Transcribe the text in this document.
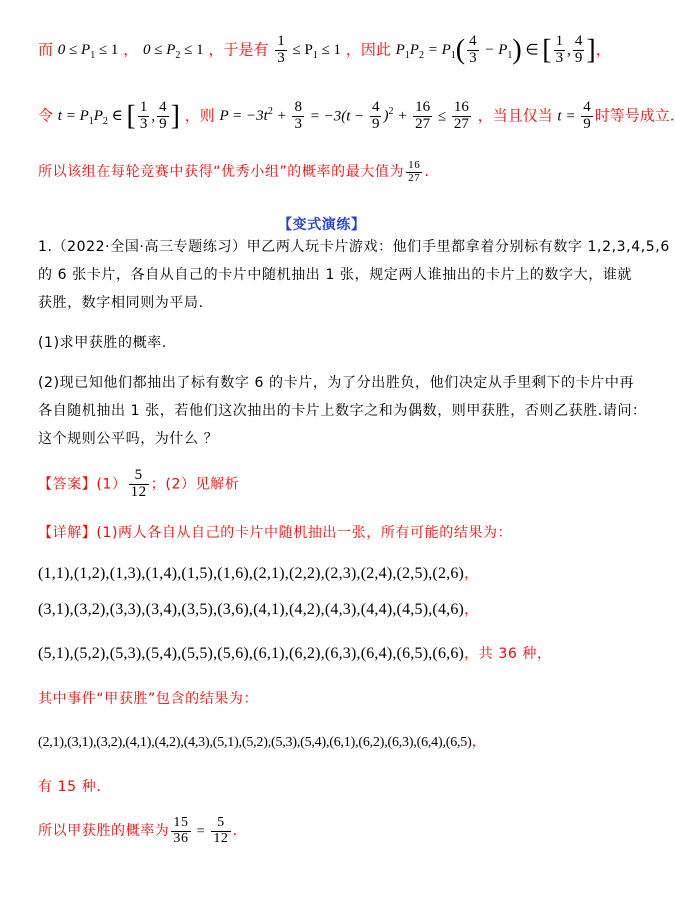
而 $0 \le P_1 \le 1$ ， $0 \le P_2 \le 1$ ，于是有 $\frac{1}{3} \le P_1 \le 1$ ，因此 $P_1P_2 = P_1( \frac{4}{3} - P_1)$ ∈ [ $\frac{1}{3}$ , $\frac{4}{9}$ ]，
令 $t = P_1P_2$ ∈ [ $\frac{1}{3}$ , $\frac{4}{9}$ ] ，则 $P = -3t^2 + \frac{8}{3} = -3(t - \frac{4}{9} )^2 + \frac{16}{27} \le \frac{16}{27}$ ，当且仅当 $t = \frac{4}{9}$ 时等号成立.
所以该组在每轮竞赛中获得“优秀小组”的概率的最大值为 $\frac{16}{27}$ .
【变式演练】
1.（2022·全国·高三专题练习）甲乙两人玩卡片游戏：他们手里都拿着分别标有数字 1,2,3,4,5,6
的 6 张卡片，各自从自己的卡片中随机抽出 1 张，规定两人谁抽出的卡片上的数字大，谁就
获胜，数字相同则为平局.
(1)求甲获胜的概率.
(2)现已知他们都抽出了标有数字 6 的卡片，为了分出胜负，他们决定从手里剩下的卡片中再
各自随机抽出 1 张，若他们这次抽出的卡片上数字之和为偶数，则甲获胜，否则乙获胜.请问：
这个规则公平吗，为什么 ？
【答案】$(1) \frac{5}{12}$ ；(2）见解析
【详解】(1)两人各自从自己的卡片中随机抽出一张，所有可能的结果为：
(1,1),(1,2),(1,3),(1,4),(1,5),(1,6),(2,1),(2,2),(2,3),(2,4),(2,5),(2,6)，
(3,1),(3,2),(3,3),(3,4),(3,5),(3,6),(4,1),(4,2),(4,3),(4,4),(4,5),(4,6)，
(5,1),(5,2),(5,3),(5,4),(5,5),(5,6),(6,1),(6,2),(6,3),(6,4),(6,5),(6,6)，共 36 种，
其中事件“甲获胜”包含的结果为：
(2,1),(3,1),(3,2),(4,1),(4,2),(4,3),(5,1),(5,2),(5,3),(5,4),(6,1),(6,2),(6,3),(6,4),(6,5)，
有 15 种.
所以甲获胜的概率为 $\frac{15}{36} = \frac{5}{12}$ .
